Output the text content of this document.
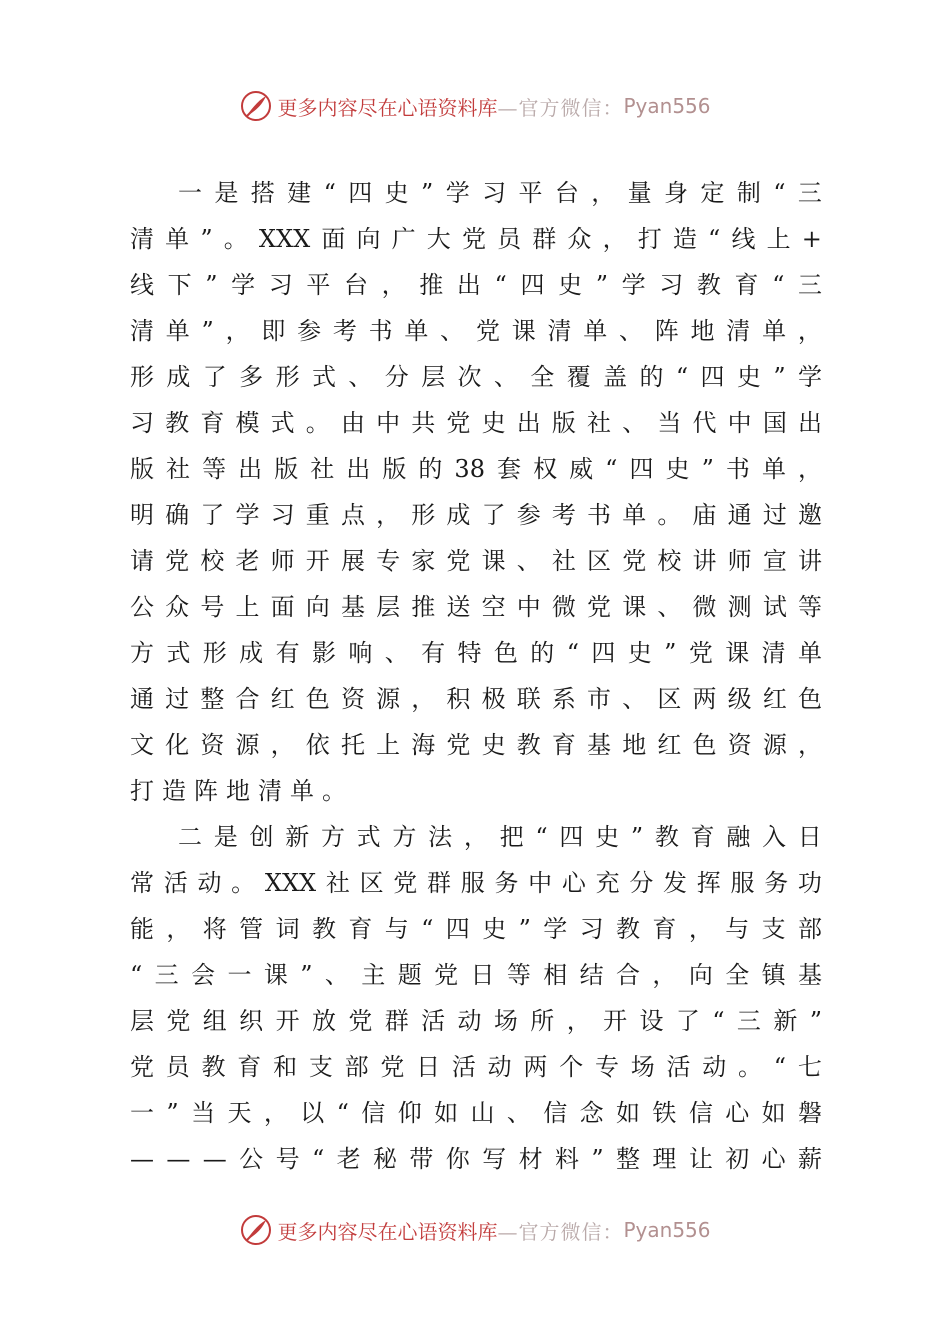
更多内容尽在心语资料库 —官方微信： Pyan556
一 是 搭 建 “ 四 史 ” 学 习 平 台 ， 量 身 定 制 “ 三
清 单 ” 。 XXX 面 向 广 大 党 员 群 众 ， 打 造 “ 线 上 +
线 下 ” 学 习 平 台 ， 推 出 “ 四 史 ” 学 习 教 育 “ 三
清 单 ” ， 即 参 考 书 单 、 党 课 清 单 、 阵 地 清 单 ，
形 成 了 多 形 式 、 分 层 次 、 全 覆 盖 的 “ 四 史 ” 学
习 教 育 模 式 。 由 中 共 党 史 出 版 社 、 当 代 中 国 出
版 社 等 出 版 社 出 版 的 38 套 权 威 “ 四 史 ” 书 单 ，
明 确 了 学 习 重 点 ， 形 成 了 参 考 书 单 。 庙 通 过 邀
请 党 校 老 师 开 展 专 家 党 课 、 社 区 党 校 讲 师 宣 讲
公 众 号 上 面 向 基 层 推 送 空 中 微 党 课 、 微 测 试 等
方 式 形 成 有 影 响 、 有 特 色 的 “ 四 史 ” 党 课 清 单
通 过 整 合 红 色 资 源 ， 积 极 联 系 市 、 区 两 级 红 色
文 化 资 源 ， 依 托 上 海 党 史 教 育 基 地 红 色 资 源 ，
打 造 阵 地 清 单 。
二 是 创 新 方 式 方 法 ， 把 “ 四 史 ” 教 育 融 入 日
常 活 动 。 XXX 社 区 党 群 服 务 中 心 充 分 发 挥 服 务 功
能 ， 将 管 词 教 育 与 “ 四 史 ” 学 习 教 育 ， 与 支 部
“ 三 会 一 课 ” 、 主 题 党 日 等 相 结 合 ， 向 全 镇 基
层 党 组 织 开 放 党 群 活 动 场 所 ， 开 设 了 “ 三 新 ”
党 员 教 育 和 支 部 党 日 活 动 两 个 专 场 活 动 。 “ 七
一 ” 当 天 ， 以 “ 信 仰 如 山 、 信 念 如 铁 信 心 如 磐
— — — 公 号 “ 老 秘 带 你 写 材 料 ” 整 理 让 初 心 薪
更多内容尽在心语资料库 —官方微信： Pyan556
